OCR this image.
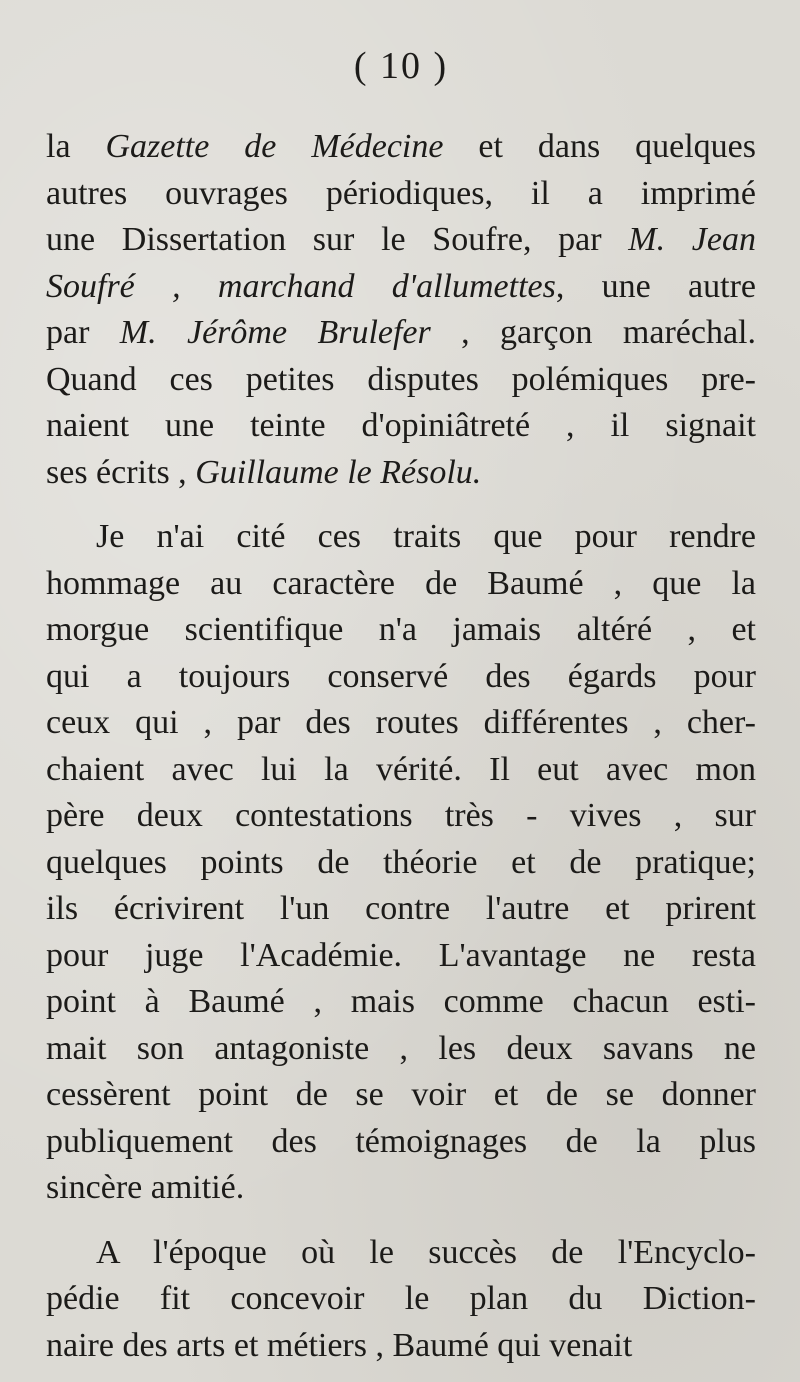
( 10 )
la Gazette de Médecine et dans quelques
autres ouvrages périodiques, il a imprimé
une Dissertation sur le Soufre, par M. Jean
Soufré , marchand d'allumettes, une autre
par M. Jérôme Brulefer , garçon maréchal.
Quand ces petites disputes polémiques pre-
naient une teinte d'opiniâtreté , il signait
ses écrits , Guillaume le Résolu.
Je n'ai cité ces traits que pour rendre
hommage au caractère de Baumé , que la
morgue scientifique n'a jamais altéré , et
qui a toujours conservé des égards pour
ceux qui , par des routes différentes , cher-
chaient avec lui la vérité. Il eut avec mon
père deux contestations très - vives , sur
quelques points de théorie et de pratique;
ils écrivirent l'un contre l'autre et prirent
pour juge l'Académie. L'avantage ne resta
point à Baumé , mais comme chacun esti-
mait son antagoniste , les deux savans ne
cessèrent point de se voir et de se donner
publiquement des témoignages de la plus
sincère amitié.
A l'époque où le succès de l'Encyclo-
pédie fit concevoir le plan du Diction-
naire des arts et métiers , Baumé qui venait
